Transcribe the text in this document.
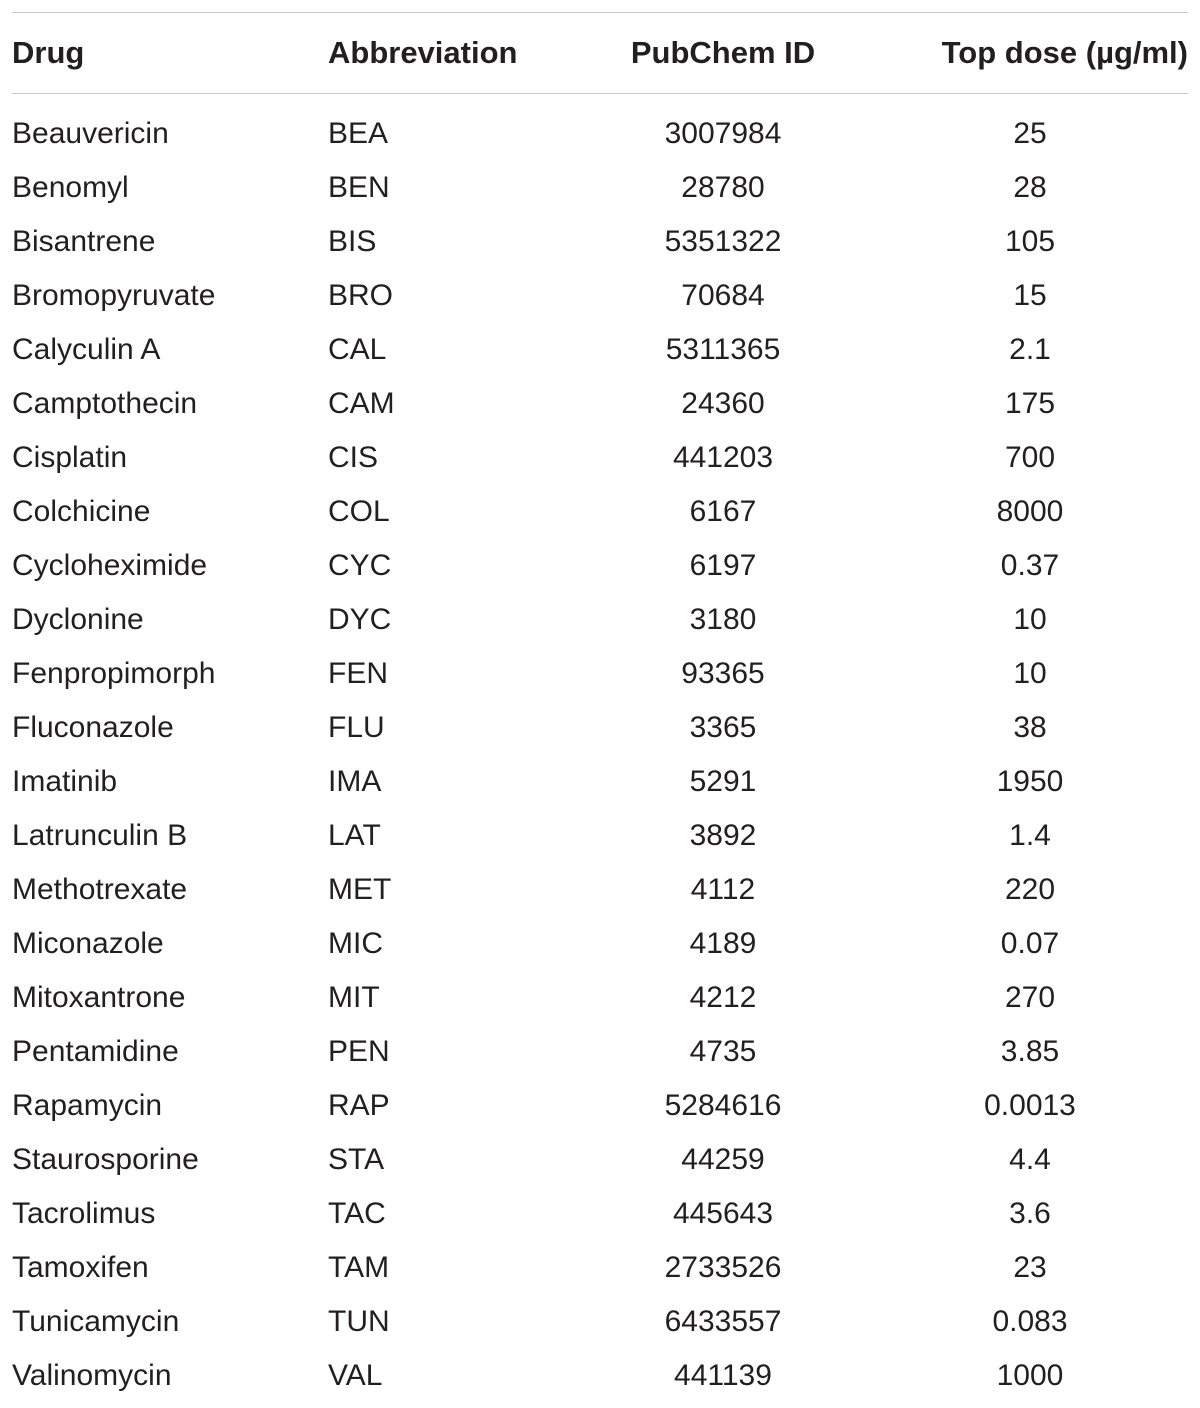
Drug	Abbreviation	PubChem ID	Top dose (µg/ml)
Beauvericin	BEA	3007984	25
Benomyl	BEN	28780	28
Bisantrene	BIS	5351322	105
Bromopyruvate	BRO	70684	15
Calyculin A	CAL	5311365	2.1
Camptothecin	CAM	24360	175
Cisplatin	CIS	441203	700
Colchicine	COL	6167	8000
Cycloheximide	CYC	6197	0.37
Dyclonine	DYC	3180	10
Fenpropimorph	FEN	93365	10
Fluconazole	FLU	3365	38
Imatinib	IMA	5291	1950
Latrunculin B	LAT	3892	1.4
Methotrexate	MET	4112	220
Miconazole	MIC	4189	0.07
Mitoxantrone	MIT	4212	270
Pentamidine	PEN	4735	3.85
Rapamycin	RAP	5284616	0.0013
Staurosporine	STA	44259	4.4
Tacrolimus	TAC	445643	3.6
Tamoxifen	TAM	2733526	23
Tunicamycin	TUN	6433557	0.083
Valinomycin	VAL	441139	1000
